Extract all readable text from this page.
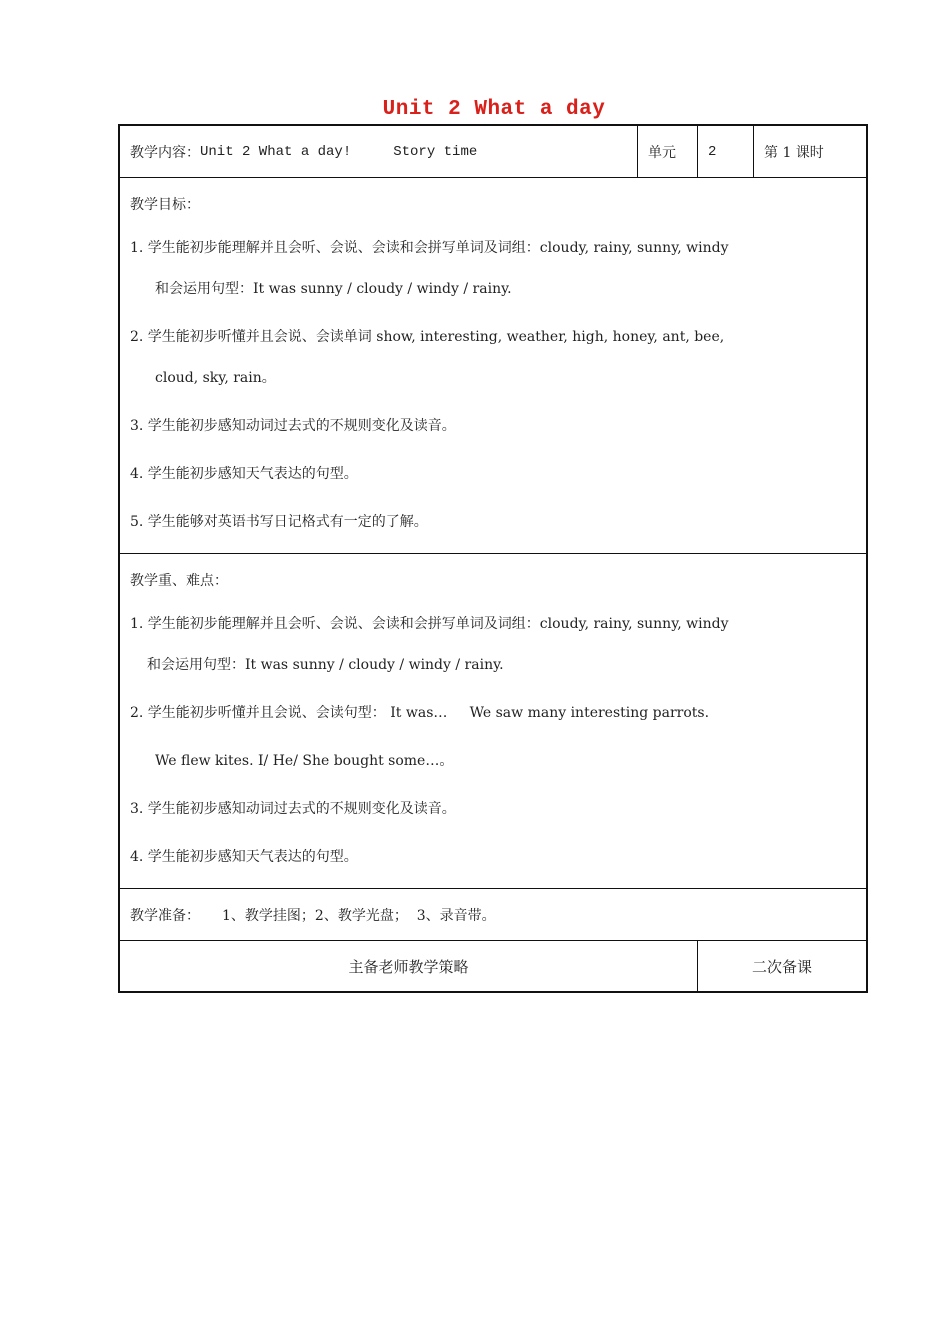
Unit 2 What a day
教学内容： Unit 2 What a day!     Story time	单元	2	第 1 课时
教学目标：
1. 学生能初步能理解并且会听、会说、会读和会拼写单词及词组：cloudy, rainy, sunny, windy
和会运用句型：It was sunny / cloudy / windy / rainy.
2. 学生能初步听懂并且会说、会读单词 show, interesting, weather, high, honey, ant, bee,
cloud, sky, rain。
3. 学生能初步感知动词过去式的不规则变化及读音。
4. 学生能初步感知天气表达的句型。
5. 学生能够对英语书写日记格式有一定的了解。
教学重、难点：
1. 学生能初步能理解并且会听、会说、会读和会拼写单词及词组：cloudy, rainy, sunny, windy
和会运用句型：It was sunny / cloudy / windy / rainy.
2. 学生能初步听懂并且会说、会读句型： It was…     We saw many interesting parrots.
We flew kites. I/ He/ She bought some…。
3. 学生能初步感知动词过去式的不规则变化及读音。
4. 学生能初步感知天气表达的句型。
教学准备： 1、教学挂图；2、教学光盘；  3、录音带。
主备老师教学策略	二次备课
